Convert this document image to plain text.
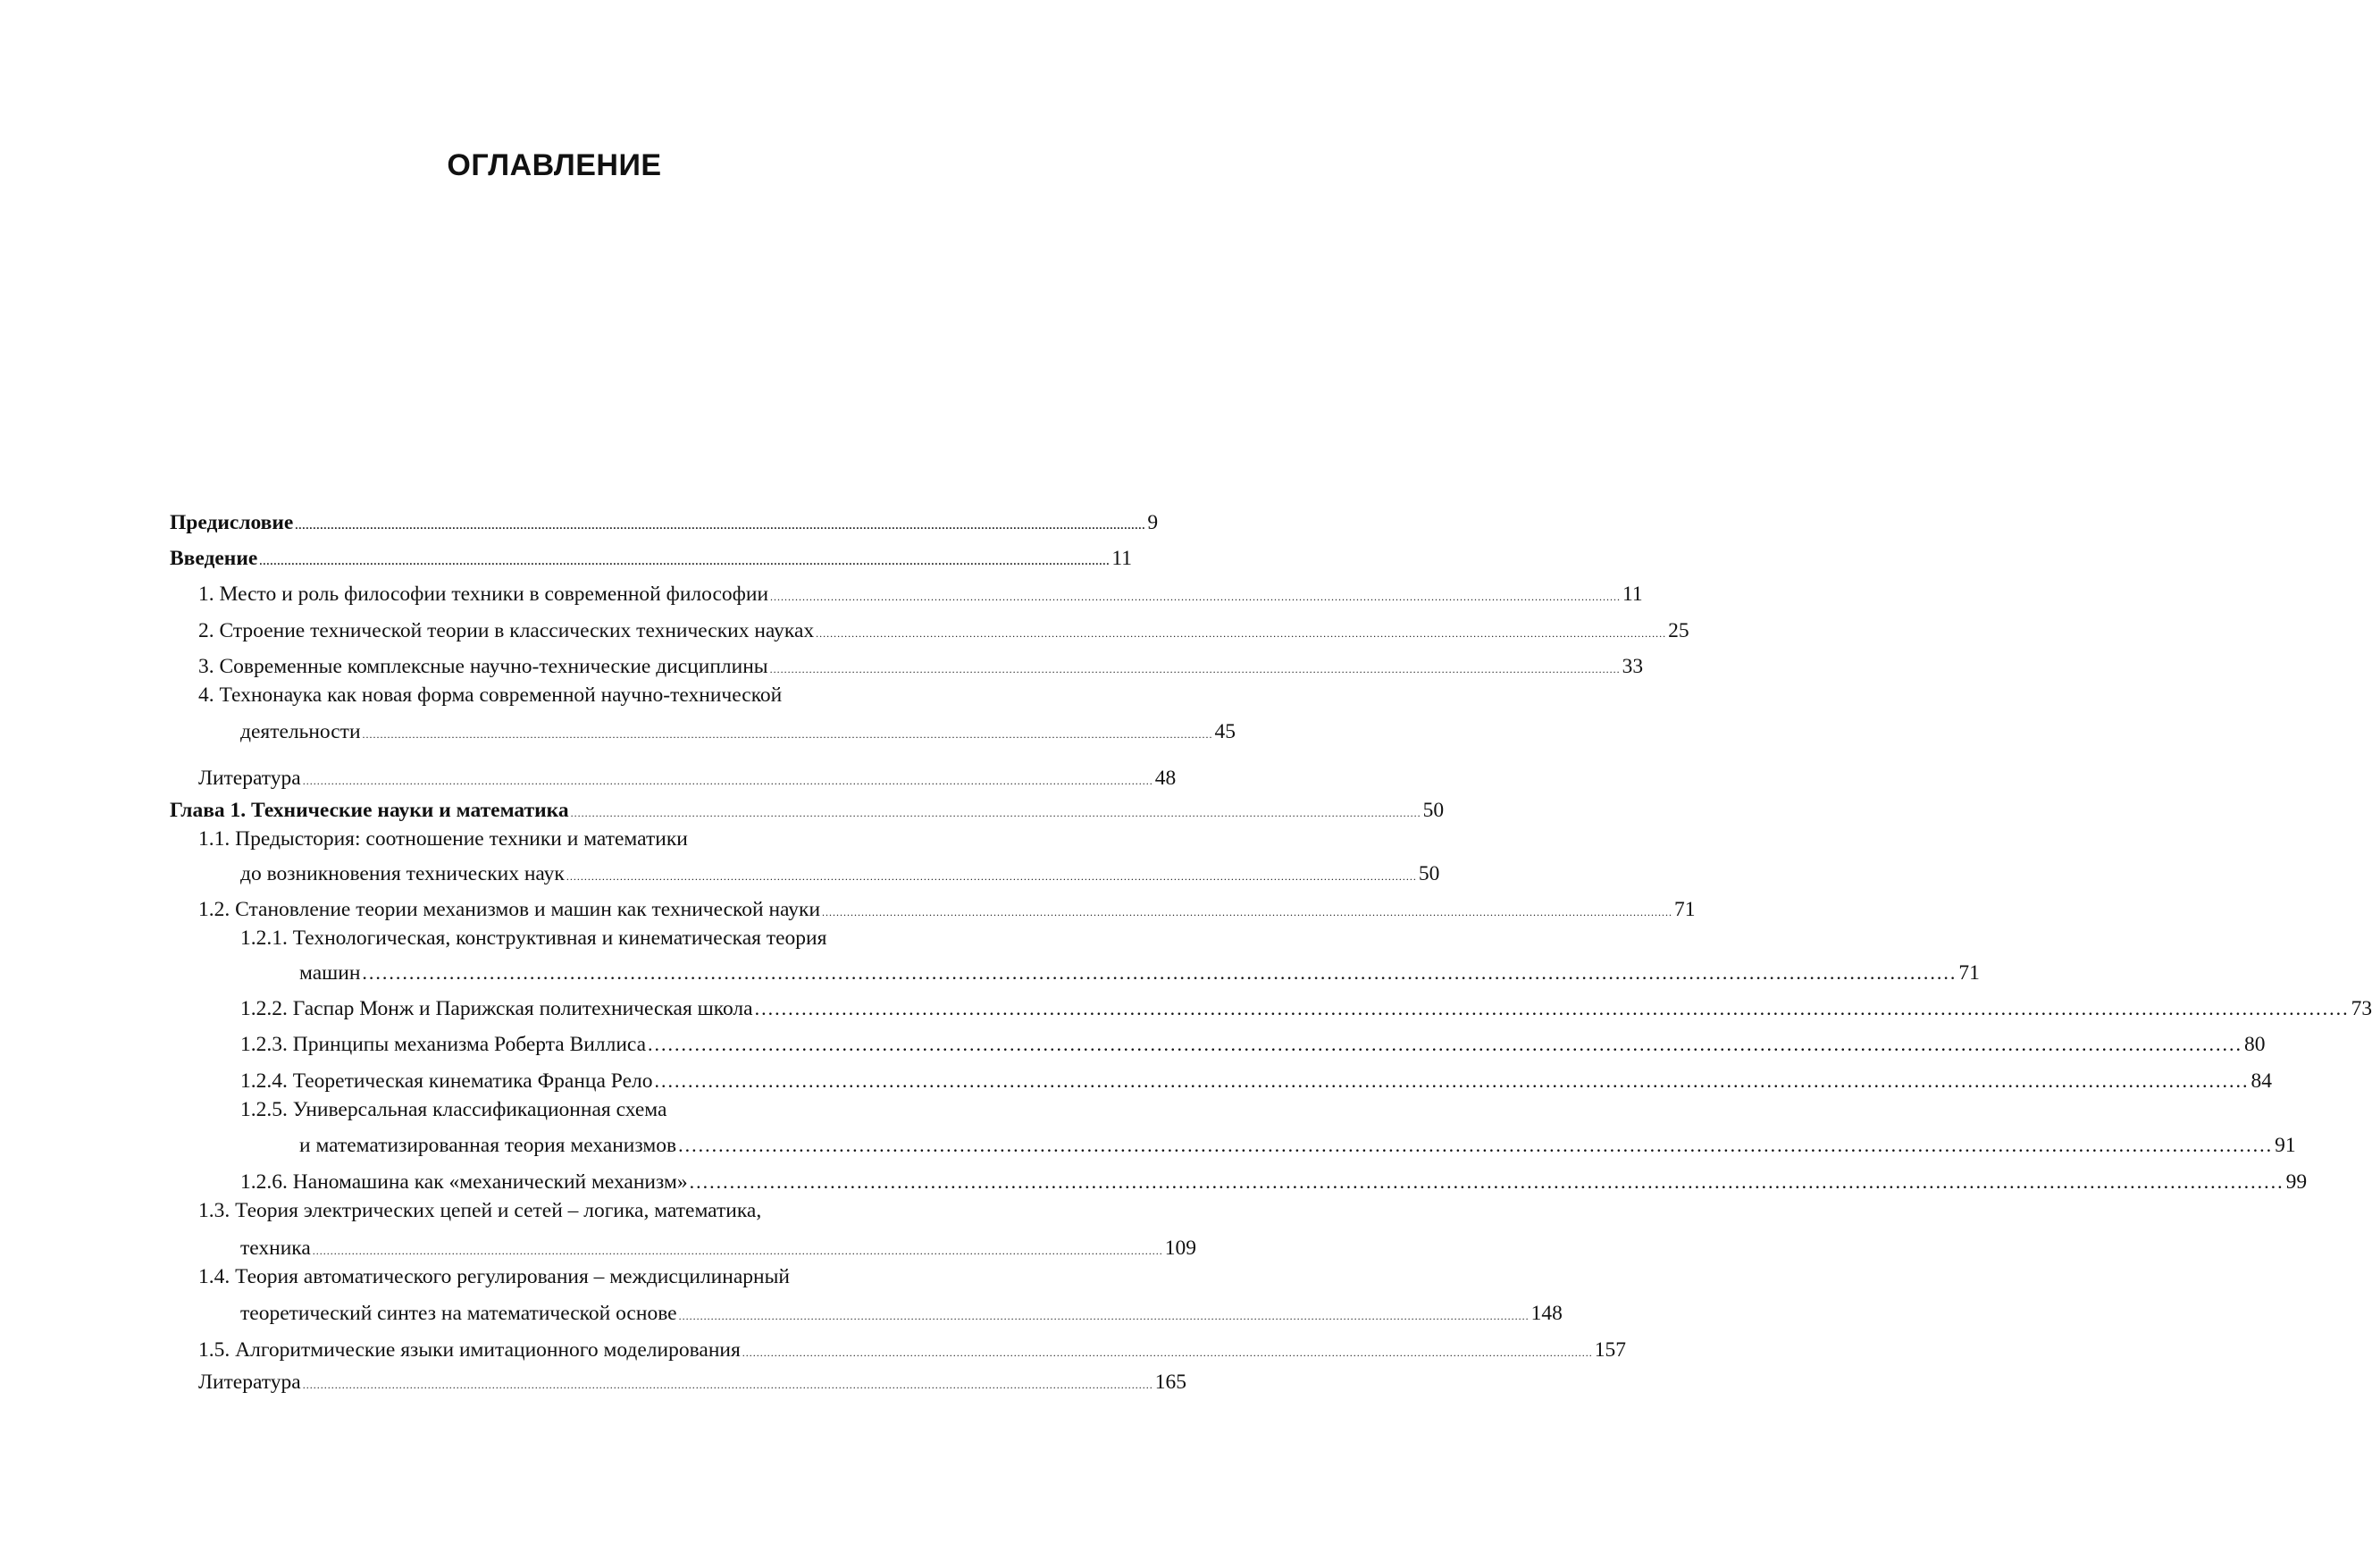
ОГЛАВЛЕНИЕ
Предисловие .............................................................................................................................................................................................................................................. 9
Введение .............................................................................................................................................................................................................................................. 11
1. Место и роль философии техники в современной философии .............................................................................................................................................................................................................................................. 11
2. Строение технической теории в классических технических науках .............................................................................................................................................................................................................................................. 25
3. Современные комплексные научно-технические дисциплины .............................................................................................................................................................................................................................................. 33
4. Технонаука как новая форма современной научно-технической
деятельности .............................................................................................................................................................................................................................................. 45
Литература .............................................................................................................................................................................................................................................. 48
Глава 1. Технические науки и математика .............................................................................................................................................................................................................................................. 50
1.1. Предыстория: соотношение техники и математики
до возникновения технических наук .............................................................................................................................................................................................................................................. 50
1.2. Становление теории механизмов и машин как технической науки .............................................................................................................................................................................................................................................. 71
1.2.1. Технологическая, конструктивная и кинематическая теория
машин .............................................................................................................................................................................................................................................. 71
1.2.2. Гаспар Монж и Парижская политехническая школа .............................................................................................................................................................................................................................................. 73
1.2.3. Принципы механизма Роберта Виллиса .............................................................................................................................................................................................................................................. 80
1.2.4. Теоретическая кинематика Франца Рело .............................................................................................................................................................................................................................................. 84
1.2.5. Универсальная классификационная схема
и математизированная теория механизмов .............................................................................................................................................................................................................................................. 91
1.2.6. Наномашина как «механический механизм» .............................................................................................................................................................................................................................................. 99
1.3. Теория электрических цепей и сетей – логика, математика,
техника .............................................................................................................................................................................................................................................. 109
1.4. Теория автоматического регулирования – междисцилинарный
теоретический синтез на математической основе .............................................................................................................................................................................................................................................. 148
1.5. Алгоритмические языки имитационного моделирования .............................................................................................................................................................................................................................................. 157
Литература .............................................................................................................................................................................................................................................. 165
